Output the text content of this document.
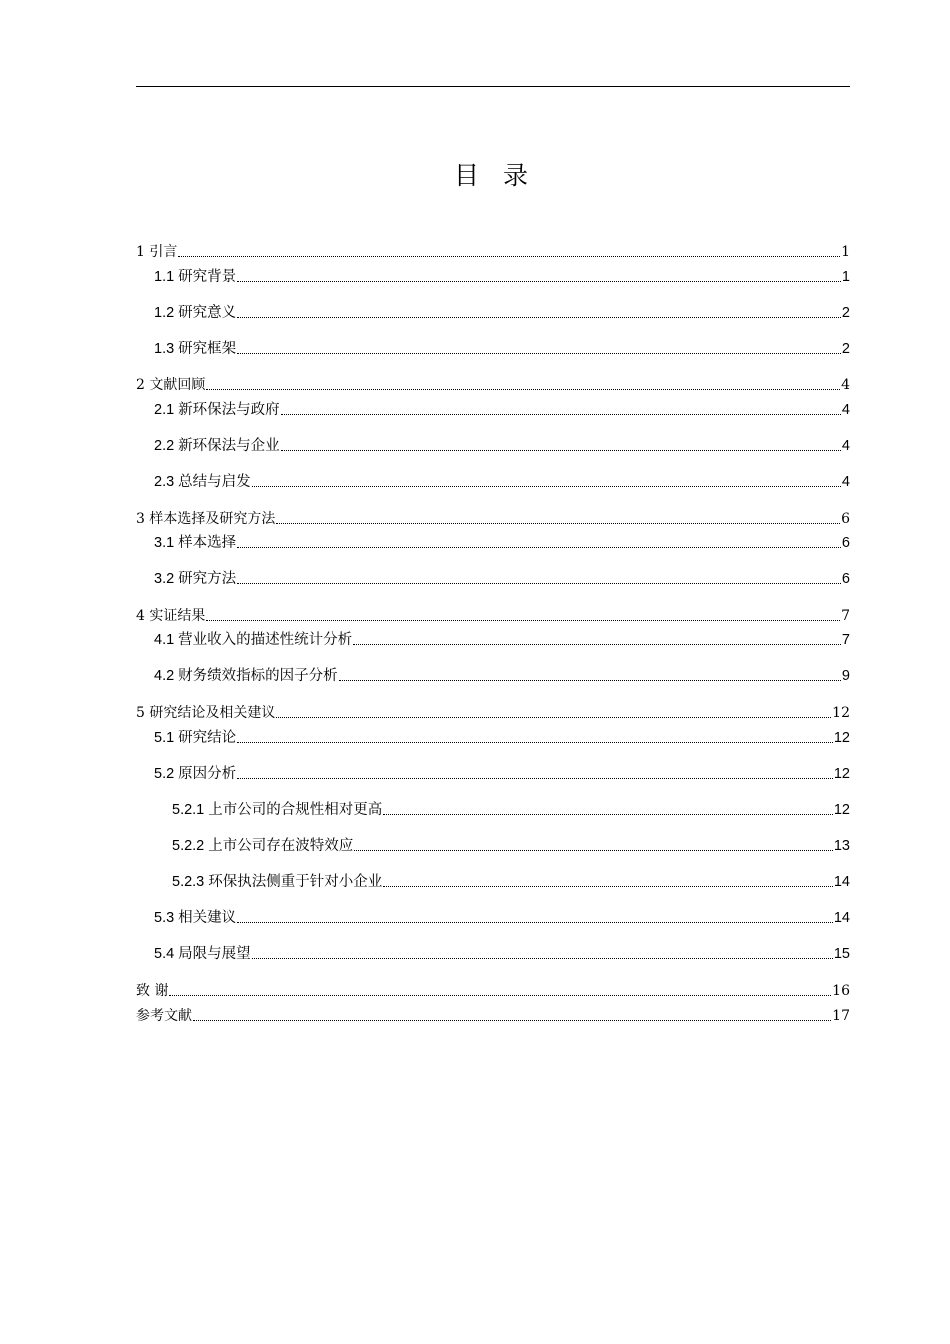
目 录
1 引言	1
1.1 研究背景	1
1.2 研究意义	2
1.3 研究框架	2
2 文献回顾	4
2.1 新环保法与政府	4
2.2 新环保法与企业	4
2.3 总结与启发	4
3 样本选择及研究方法	6
3.1 样本选择	6
3.2 研究方法	6
4 实证结果	7
4.1 营业收入的描述性统计分析	7
4.2 财务绩效指标的因子分析	9
5 研究结论及相关建议	12
5.1 研究结论	12
5.2 原因分析	12
5.2.1 上市公司的合规性相对更高	12
5.2.2 上市公司存在波特效应	13
5.2.3 环保执法侧重于针对小企业	14
5.3 相关建议	14
5.4 局限与展望	15
致 谢	16
参考文献	17
